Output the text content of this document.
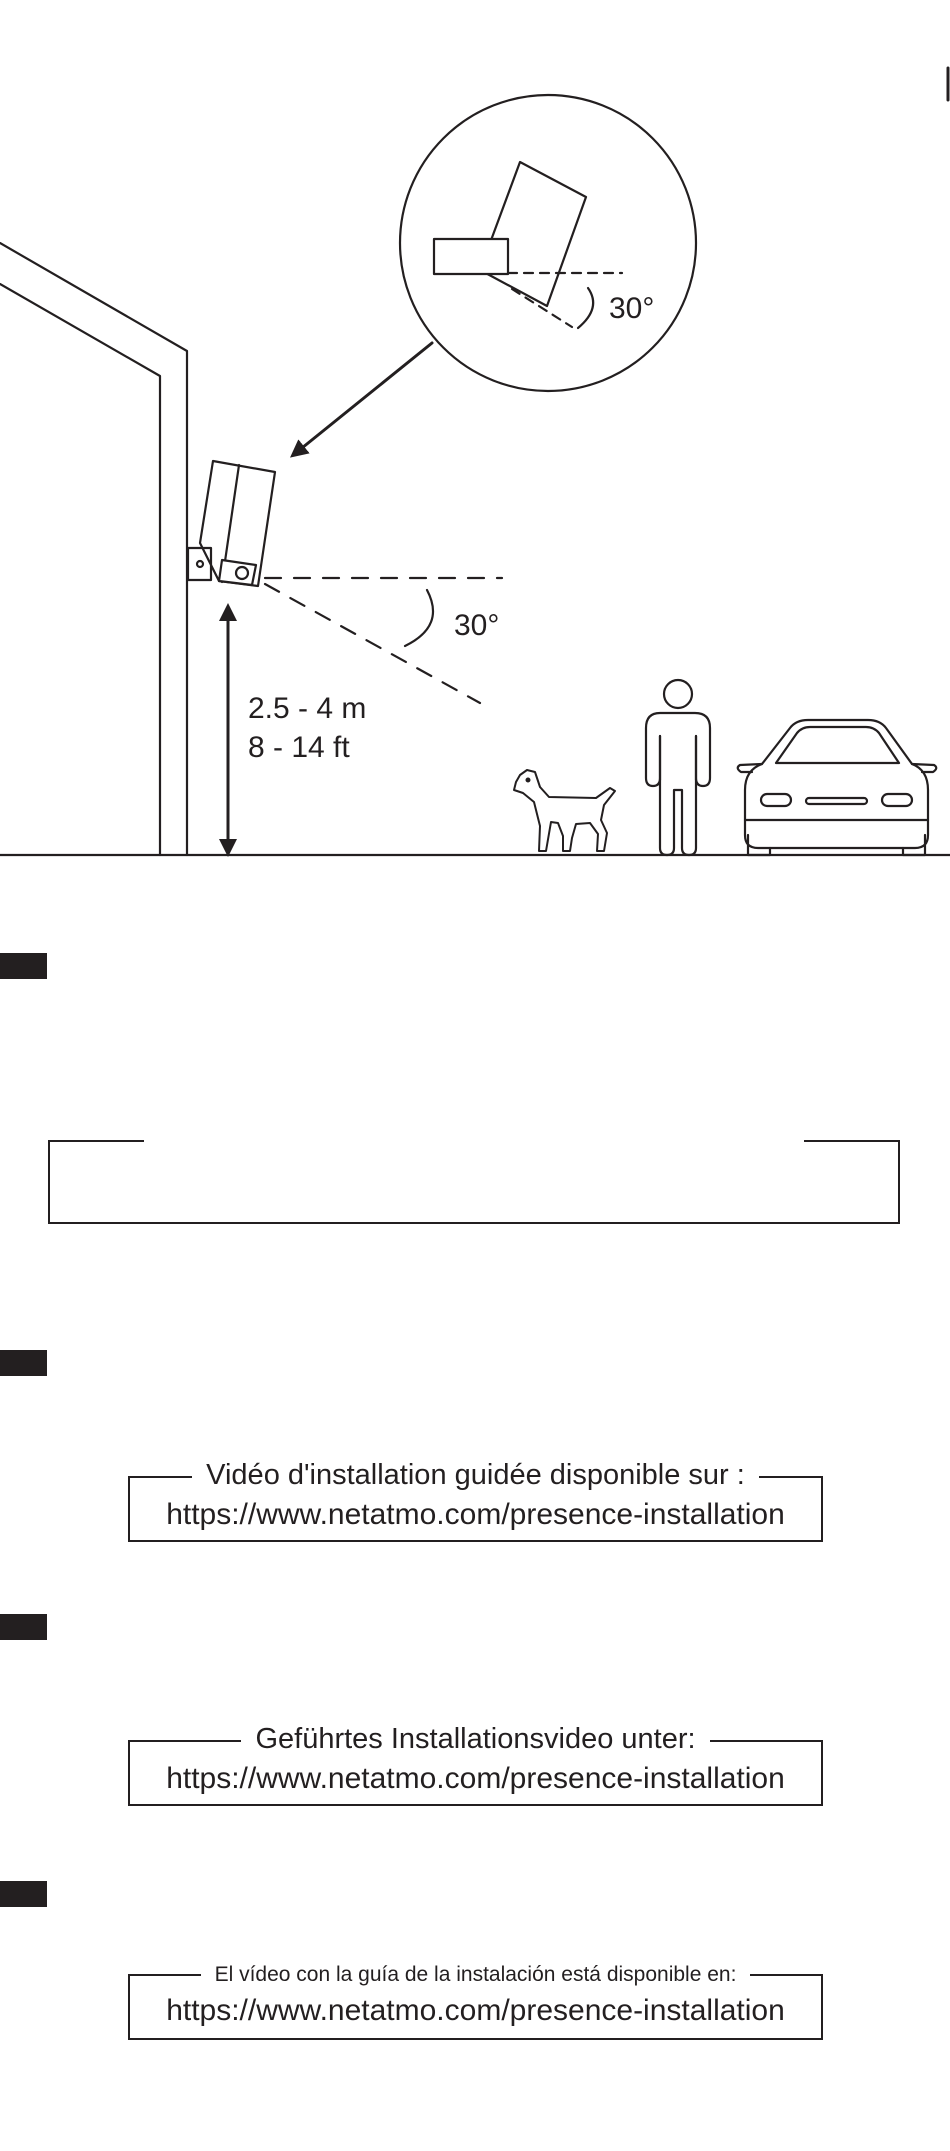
30°
30°
2.5 - 4 m
8 - 14 ft
Vidéo d'installation guidée disponible sur :
https://www.netatmo.com/presence-installation
Geführtes Installationsvideo unter:
https://www.netatmo.com/presence-installation
El vídeo con la guía de la instalación está disponible en:
https://www.netatmo.com/presence-installation
